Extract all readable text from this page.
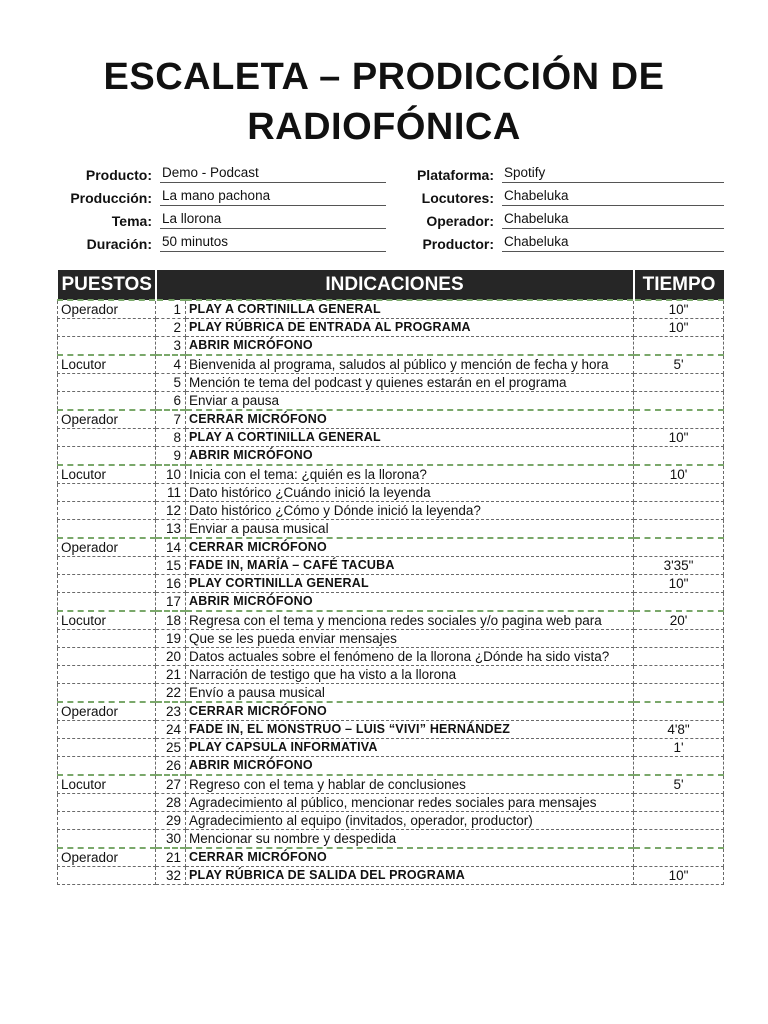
ESCALETA – PRODICCIÓN DE
RADIOFÓNICA
Producto: Demo - Podcast
Producción: La mano pachona
Tema: La llorona
Duración: 50 minutos
Plataforma: Spotify
Locutores: Chabeluka
Operador: Chabeluka
Productor: Chabeluka
PUESTOS	INDICACIONES		TIEMPO
Operador	1	PLAY A CORTINILLA GENERAL	10"
	2	PLAY RÚBRICA DE ENTRADA AL PROGRAMA	10"
	3	ABRIR MICRÓFONO	
Locutor	4	Bienvenida al programa, saludos al público y mención de fecha y hora	5'
	5	Mención te tema del podcast y quienes estarán en el programa	
	6	Enviar a pausa	
Operador	7	CERRAR MICRÓFONO	
	8	PLAY A CORTINILLA GENERAL	10"
	9	ABRIR MICRÓFONO	
Locutor	10	Inicia con el tema: ¿quién es la llorona?	10'
	11	Dato histórico ¿Cuándo inició la leyenda	
	12	Dato histórico ¿Cómo y Dónde inició la leyenda?	
	13	Enviar a pausa musical	
Operador	14	CERRAR MICRÓFONO	
	15	FADE IN, MARÍA – CAFÉ TACUBA	3'35"
	16	PLAY CORTINILLA GENERAL	10"
	17	ABRIR MICRÓFONO	
Locutor	18	Regresa con el tema y menciona redes sociales y/o pagina web para	20'
	19	Que se les pueda enviar mensajes	
	20	Datos actuales sobre el fenómeno de la llorona ¿Dónde ha sido vista?	
	21	Narración de testigo que ha visto a la llorona	
	22	Envío a pausa musical	
Operador	23	CERRAR MICRÓFONO	
	24	FADE IN, EL MONSTRUO – LUIS “VIVI” HERNÁNDEZ	4'8"
	25	PLAY CAPSULA INFORMATIVA	1'
	26	ABRIR MICRÓFONO	
Locutor	27	Regreso con el tema y hablar de conclusiones	5'
	28	Agradecimiento al público, mencionar redes sociales para mensajes	
	29	Agradecimiento al equipo (invitados, operador, productor)	
	30	Mencionar su nombre y despedida	
Operador	21	CERRAR MICRÓFONO	
	32	PLAY RÚBRICA DE SALIDA DEL PROGRAMA	10"
